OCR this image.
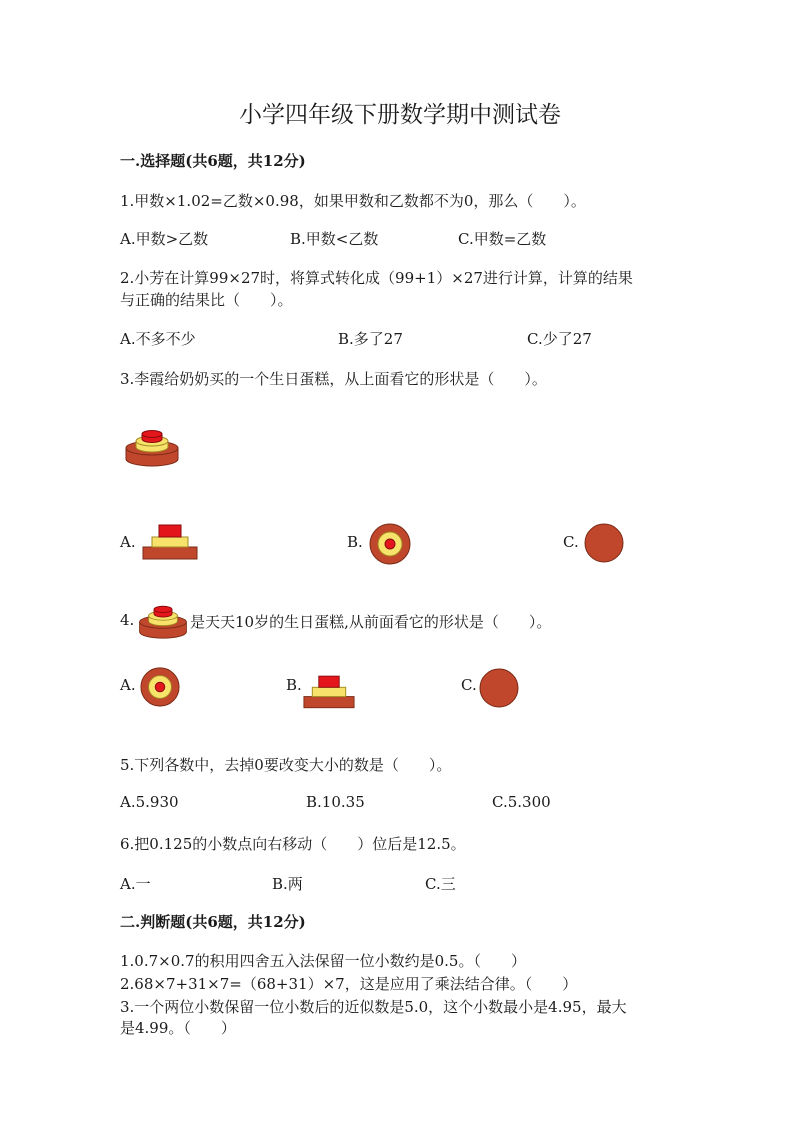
小学四年级下册数学期中测试卷
一.选择题(共6题，共12分)
1.甲数×1.02=乙数×0.98，如果甲数和乙数都不为0，那么（　　）。
A.甲数>乙数	B.甲数<乙数	C.甲数=乙数
2.小芳在计算99×27时，将算式转化成（99+1）×27进行计算，计算的结果
与正确的结果比（　　）。
A.不多不少	B.多了27	C.少了27
3.李霞给奶奶买的一个生日蛋糕，从上面看它的形状是（　　）。
A.	B.	C.
4.	是天天10岁的生日蛋糕,从前面看它的形状是（　　）。
A.	B.	C.
5.下列各数中，去掉0要改变大小的数是（　　）。
A.5.930	B.10.35	C.5.300
6.把0.125的小数点向右移动（　　）位后是12.5。
A.一	B.两	C.三
二.判断题(共6题，共12分)
1.0.7×0.7的积用四舍五入法保留一位小数约是0.5。（　　）
2.68×7+31×7=（68+31）×7，这是应用了乘法结合律。（　　）
3.一个两位小数保留一位小数后的近似数是5.0，这个小数最小是4.95，最大
是4.99。（　　）
